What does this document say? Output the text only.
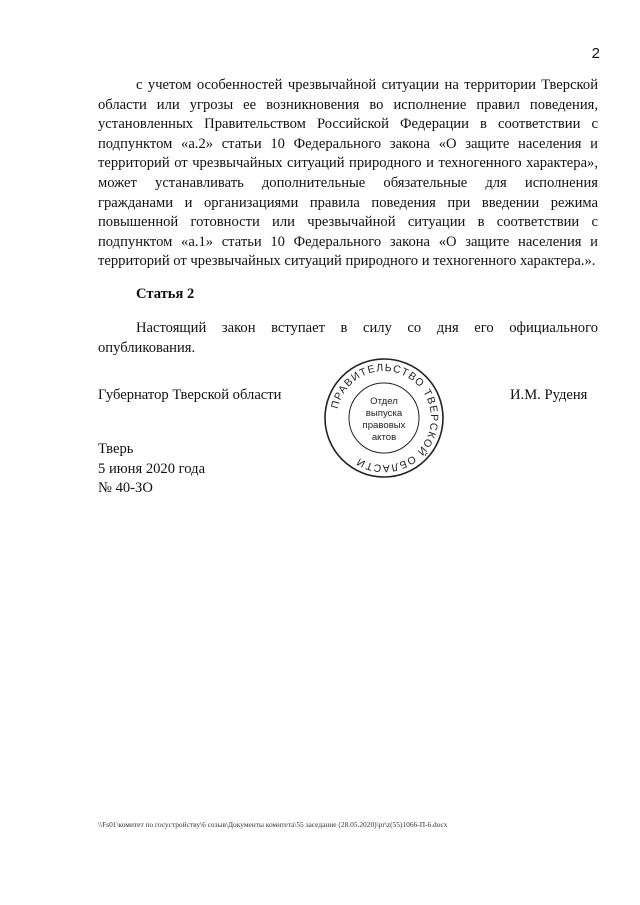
2
с учетом особенностей чрезвычайной ситуации на территории Тверской области или угрозы ее возникновения во исполнение правил поведения, установленных Правительством Российской Федерации в соответствии с подпунктом «а.2» статьи 10 Федерального закона «О защите населения и территорий от чрезвычайных ситуаций природного и техногенного характера», может устанавливать дополнительные обязательные для исполнения гражданами и организациями правила поведения при введении режима повышенной готовности или чрезвычайной ситуации в соответствии с подпунктом «а.1» статьи 10 Федерального закона «О защите населения и территорий от чрезвычайных ситуаций природного и техногенного характера.».
Статья 2
Настоящий закон вступает в силу со дня его официального опубликования.
Губернатор Тверской области	И.М. Руденя
ПРАВИТЕЛЬСТВО ТВЕРСКОЙ ОБЛАСТИ
Отдел
выпуска
правовых
актов
Тверь
5 июня 2020 года
№ 40-ЗО
\\Fs01\комитет по госустройству\6 созыв\Документы комитета\55 заседание (28.05.2020)\pr\z(55)1066-П-6.docx
